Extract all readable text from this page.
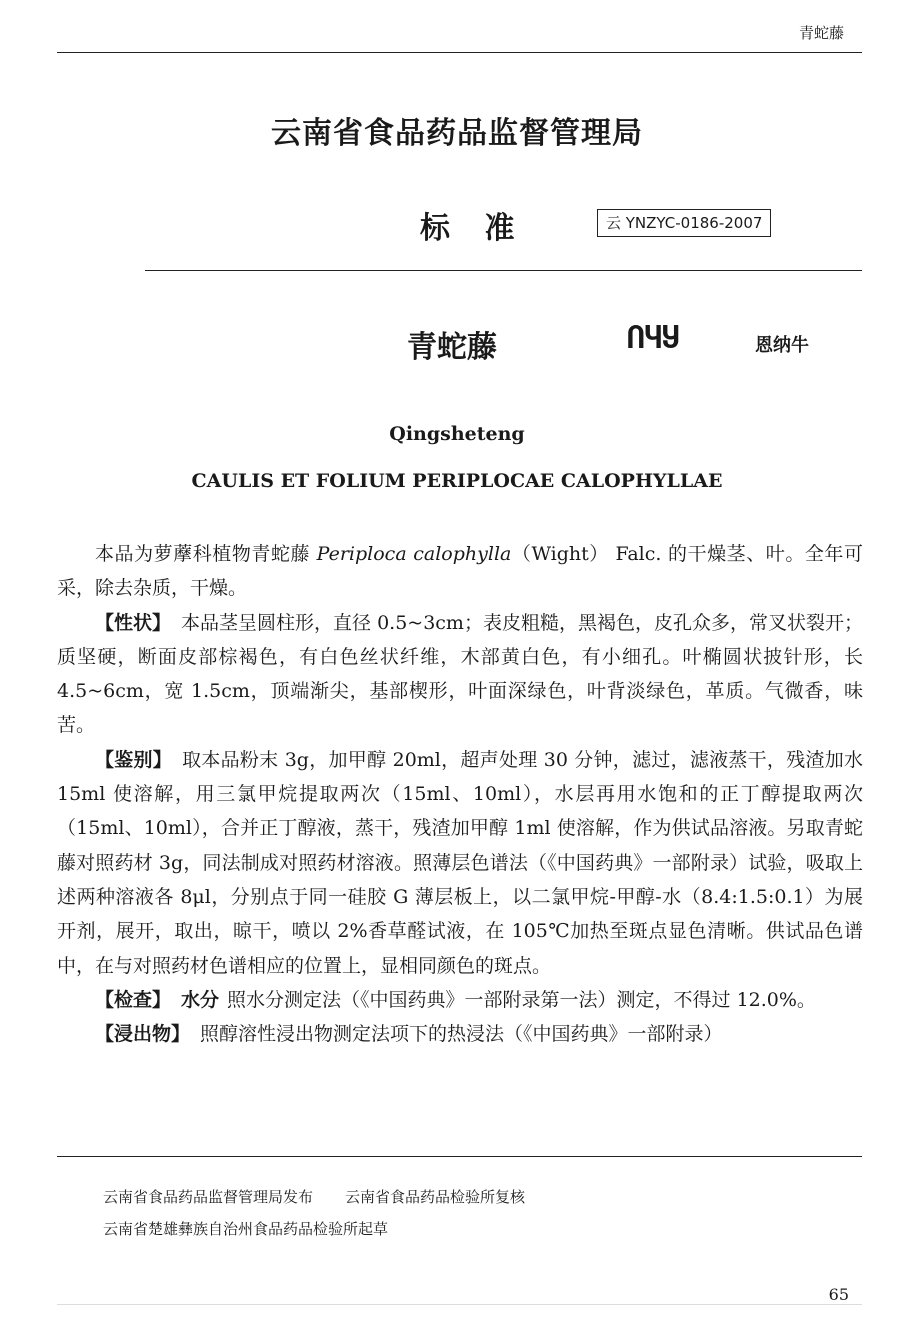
青蛇藤
云南省食品药品监督管理局
标 准	云 YNZYC-0186-2007
青蛇藤	ႶႷႸ	恩纳牛
Qingsheteng
CAULIS ET FOLIUM PERIPLOCAE CALOPHYLLAE

本品为萝藦科植物青蛇藤 Periploca calophylla（Wight） Falc. 的干燥茎、叶。全年可采，除去杂质，干燥。

【性状】 本品茎呈圆柱形，直径 0.5~3cm；表皮粗糙，黑褐色，皮孔众多，常叉状裂开；质坚硬，断面皮部棕褐色，有白色丝状纤维，木部黄白色，有小细孔。叶椭圆状披针形，长 4.5~6cm，宽 1.5cm，顶端渐尖，基部楔形，叶面深绿色，叶背淡绿色，革质。气微香，味苦。

【鉴别】 取本品粉末 3g，加甲醇 20ml，超声处理 30 分钟，滤过，滤液蒸干，残渣加水 15ml 使溶解，用三氯甲烷提取两次（15ml、10ml），水层再用水饱和的正丁醇提取两次（15ml、10ml），合并正丁醇液，蒸干，残渣加甲醇 1ml 使溶解，作为供试品溶液。另取青蛇藤对照药材 3g，同法制成对照药材溶液。照薄层色谱法（《中国药典》一部附录）试验，吸取上述两种溶液各 8μl，分别点于同一硅胶 G 薄层板上，以二氯甲烷-甲醇-水（8.4:1.5:0.1）为展开剂，展开，取出，晾干，喷以 2%香草醛试液，在 105℃加热至斑点显色清晰。供试品色谱中，在与对照药材色谱相应的位置上，显相同颜色的斑点。

【检查】 水分 照水分测定法（《中国药典》一部附录第一法）测定，不得过 12.0%。

【浸出物】 照醇溶性浸出物测定法项下的热浸法（《中国药典》一部附录）

云南省食品药品监督管理局发布 云南省食品药品检验所复核
云南省楚雄彝族自治州食品药品检验所起草
65
